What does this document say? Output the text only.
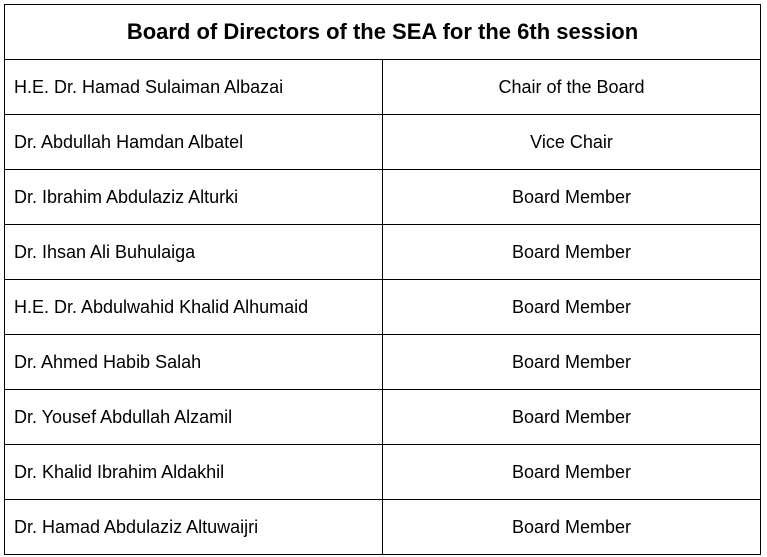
Board of Directors of the SEA for the 6th session	
H.E. Dr. Hamad Sulaiman Albazai	Chair of the Board
Dr. Abdullah Hamdan Albatel	Vice Chair
Dr. Ibrahim Abdulaziz Alturki	Board Member
Dr. Ihsan Ali Buhulaiga	Board Member
H.E. Dr. Abdulwahid Khalid Alhumaid	Board Member
Dr. Ahmed Habib Salah	Board Member
Dr. Yousef Abdullah Alzamil	Board Member
Dr. Khalid Ibrahim Aldakhil	Board Member
Dr. Hamad Abdulaziz Altuwaijri	Board Member
